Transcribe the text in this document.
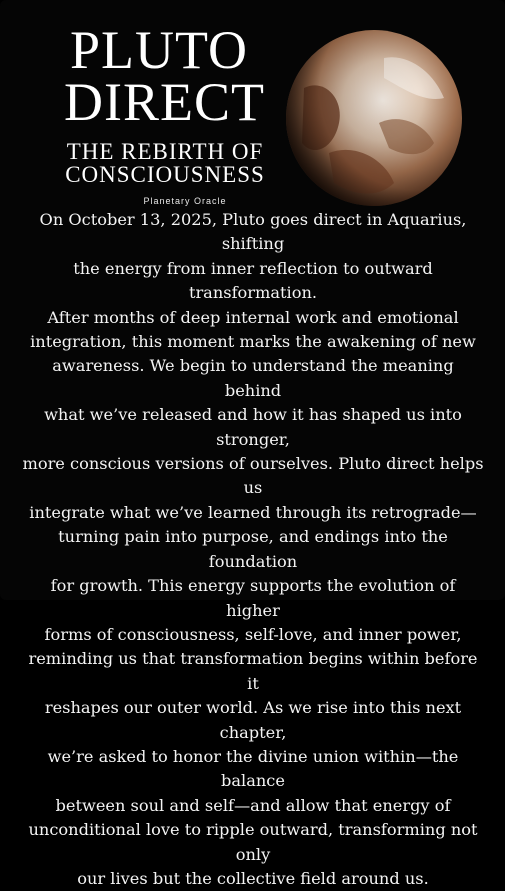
PLUTO
DIRECT
THE REBIRTH OF
CONSCIOUSNESS
Planetary Oracle
On October 13, 2025, Pluto goes direct in Aquarius, shifting
the energy from inner reflection to outward transformation.
After months of deep internal work and emotional
integration, this moment marks the awakening of new
awareness. We begin to understand the meaning behind
what we’ve released and how it has shaped us into stronger,
more conscious versions of ourselves. Pluto direct helps us
integrate what we’ve learned through its retrograde—
turning pain into purpose, and endings into the foundation
for growth. This energy supports the evolution of higher
forms of consciousness, self-love, and inner power,
reminding us that transformation begins within before it
reshapes our outer world. As we rise into this next chapter,
we’re asked to honor the divine union within—the balance
between soul and self—and allow that energy of
unconditional love to ripple outward, transforming not only
our lives but the collective field around us.
